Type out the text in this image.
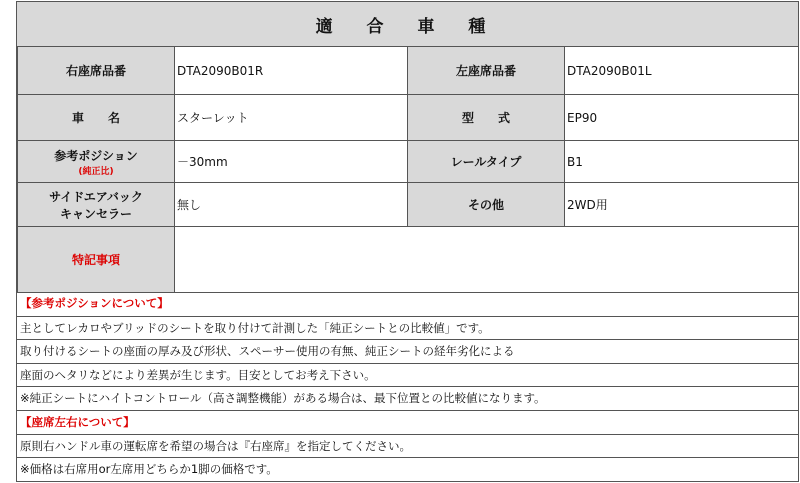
適 合 車 種
右座席品番	DTA2090B01R	左座席品番	DTA2090B01L
車　　名	スターレット	型　　式	EP90

参考ポジション
(純正比)	－30mm	レールタイプ	B1

サイドエアバック
キャンセラー	無し	その他	2WD用
特記事項			
【参考ポジションについて】
主としてレカロやブリッドのシートを取り付けて計測した「純正シートとの比較値」です。
取り付けるシートの座面の厚み及び形状、スペーサー使用の有無、純正シートの経年劣化による
座面のヘタリなどにより差異が生じます。目安としてお考え下さい。
※純正シートにハイトコントロール（高さ調整機能）がある場合は、最下位置との比較値になります。
【座席左右について】
原則右ハンドル車の運転席を希望の場合は『右座席』を指定してください。
※価格は右席用or左席用どちらか1脚の価格です。
